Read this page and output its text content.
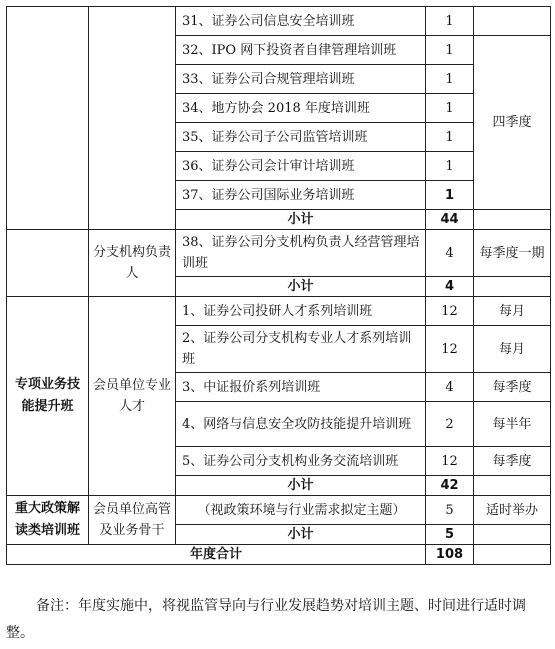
		31、证券公司信息安全培训班	1	
		32、IPO 网下投资者自律管理培训班	1	四季度
		33、证券公司合规管理培训班	1	
		34、地方协会 2018 年度培训班	1	
		35、证券公司子公司监管培训班	1	
		36、证券公司会计审计培训班	1	
		37、证券公司国际业务培训班	1	
		小计	44	
	分支机构负责人	38、证券公司分支机构负责人经营管理培训班	4	每季度一期
		小计	4	
专项业务技能提升班	会员单位专业人才	1、证券公司投研人才系列培训班	12	每月
		2、证券公司分支机构专业人才系列培训班	12	每月
		3、中证报价系列培训班	4	每季度
		4、网络与信息安全攻防技能提升培训班	2	每半年
		5、证券公司分支机构业务交流培训班	12	每季度
		小计	42	
重大政策解读类培训班	会员单位高管及业务骨干	（视政策环境与行业需求拟定主题）	5	适时举办
		小计	5	
年度合计			108	
备注：年度实施中，将视监管导向与行业发展趋势对培训主题、时间进行适时调整。
